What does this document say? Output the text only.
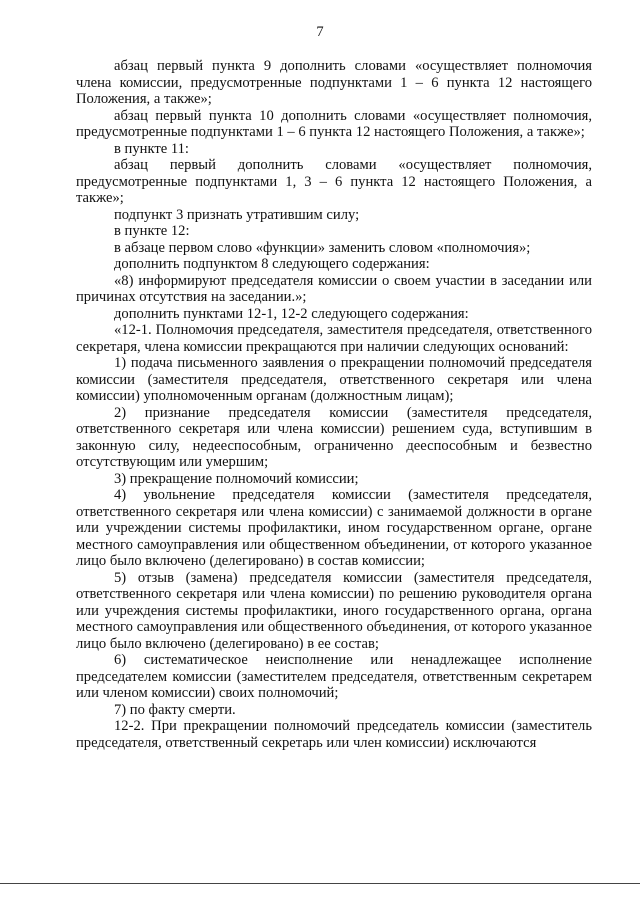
7

абзац первый пункта 9 дополнить словами «осуществляет полномочия члена комиссии, предусмотренные подпунктами 1 – 6 пункта 12 настоящего Положения, а также»;

абзац первый пункта 10 дополнить словами «осуществляет полномочия, предусмотренные подпунктами 1 – 6 пункта 12 настоящего Положения, а также»;

в пункте 11:

абзац первый дополнить словами «осуществляет полномочия, предусмотренные подпунктами 1, 3 – 6 пункта 12 настоящего Положения, а также»;

подпункт 3 признать утратившим силу;

в пункте 12:

в абзаце первом слово «функции» заменить словом «полномочия»;

дополнить подпунктом 8 следующего содержания:

«8) информируют председателя комиссии о своем участии в заседании или причинах отсутствия на заседании.»;

дополнить пунктами 12-1, 12-2 следующего содержания:

«12-1. Полномочия председателя, заместителя председателя, ответственного секретаря, члена комиссии прекращаются при наличии следующих оснований:

1) подача письменного заявления о прекращении полномочий председателя комиссии (заместителя председателя, ответственного секретаря или члена комиссии) уполномоченным органам (должностным лицам);

2) признание председателя комиссии (заместителя председателя, ответственного секретаря или члена комиссии) решением суда, вступившим в законную силу, недееспособным, ограниченно дееспособным и безвестно отсутствующим или умершим;

3) прекращение полномочий комиссии;

4) увольнение председателя комиссии (заместителя председателя, ответственного секретаря или члена комиссии) с занимаемой должности в органе или учреждении системы профилактики, ином государственном органе, органе местного самоуправления или общественном объединении, от которого указанное лицо было включено (делегировано) в состав комиссии;

5) отзыв (замена) председателя комиссии (заместителя председателя, ответственного секретаря или члена комиссии) по решению руководителя органа или учреждения системы профилактики, иного государственного органа, органа местного самоуправления или общественного объединения, от которого указанное лицо было включено (делегировано) в ее состав;

6) систематическое неисполнение или ненадлежащее исполнение председателем комиссии (заместителем председателя, ответственным секретарем или членом комиссии) своих полномочий;

7) по факту смерти.

12-2. При прекращении полномочий председатель комиссии (заместитель председателя, ответственный секретарь или член комиссии) исключаются
